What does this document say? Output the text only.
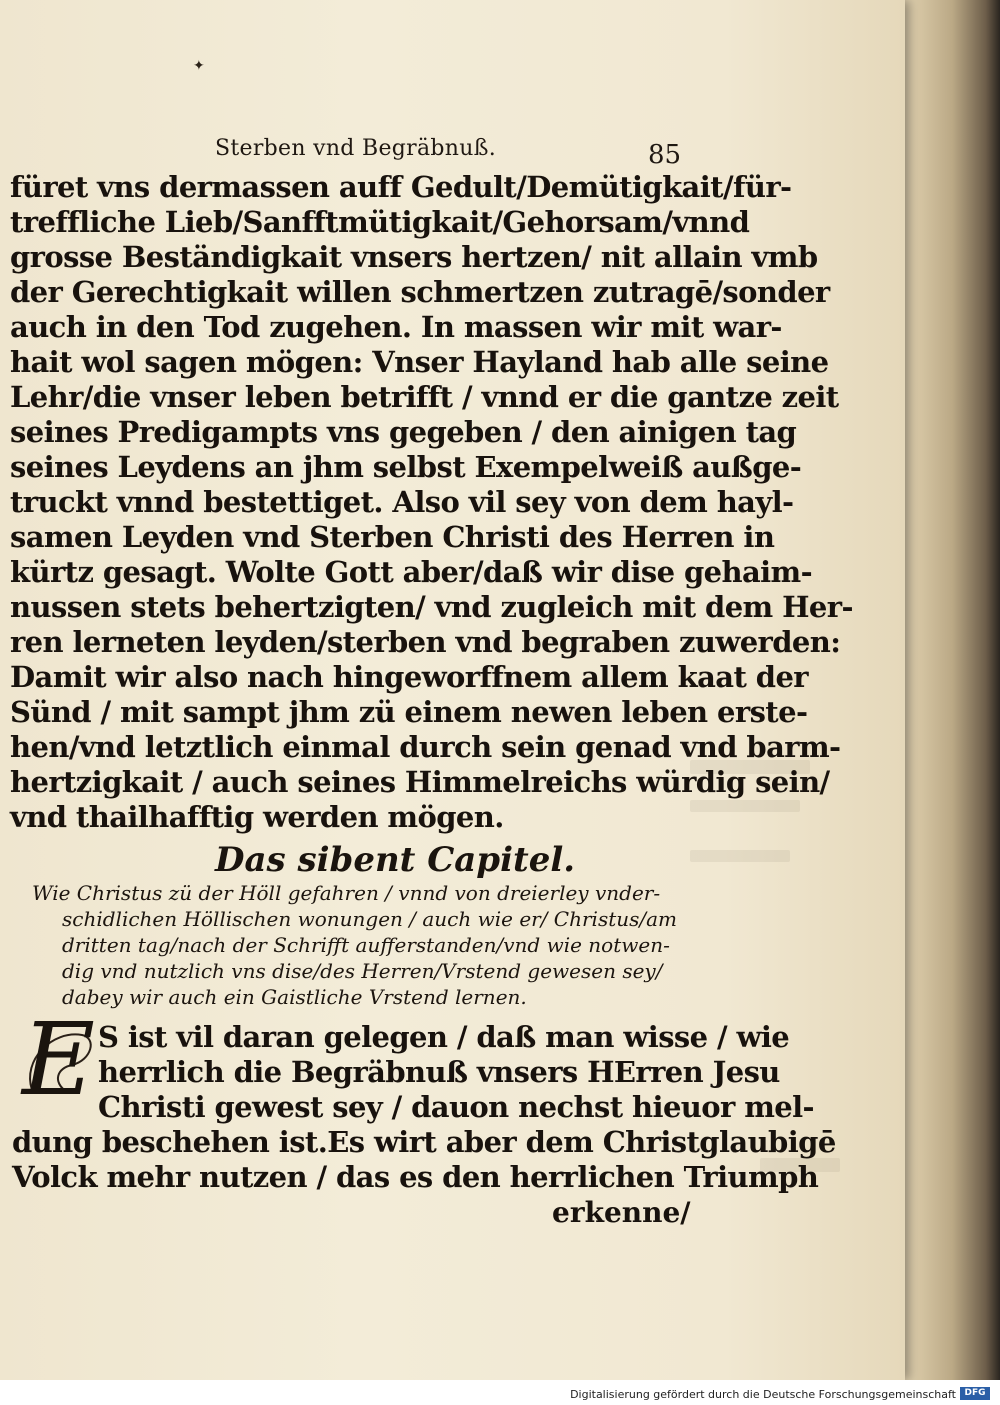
✦
Sterben vnd Begräbnuß.	85
füret vns dermassen auff Gedult/Demütigkait/für-
treffliche Lieb/Sanfftmütigkait/Gehorsam/vnnd
grosse Beständigkait vnsers hertzen/ nit allain vmb
der Gerechtigkait willen schmertzen zutragē/sonder
auch in den Tod zugehen. In massen wir mit war-
hait wol sagen mögen: Vnser Hayland hab alle seine
Lehr/die vnser leben betrifft / vnnd er die gantze zeit
seines Predigampts vns gegeben / den ainigen tag
seines Leydens an jhm selbst Exempelweiß außge-
truckt vnnd bestettiget. Also vil sey von dem hayl-
samen Leyden vnd Sterben Christi des Herren in
kürtz gesagt. Wolte Gott aber/daß wir dise gehaim-
nussen stets behertzigten/ vnd zugleich mit dem Her-
ren lerneten leyden/sterben vnd begraben zuwerden:
Damit wir also nach hingeworffnem allem kaat der
Sünd / mit sampt jhm zü einem newen leben erste-
hen/vnd letztlich einmal durch sein genad vnd barm-
hertzigkait / auch seines Himmelreichs würdig sein/
vnd thailhafftig werden mögen.
Das sibent Capitel.
Wie Christus zü der Höll gefahren / vnnd von dreierley vnder-
schidlichen Höllischen wonungen / auch wie er/ Christus/am
dritten tag/nach der Schrifft aufferstanden/vnd wie notwen-
dig vnd nutzlich vns dise/des Herren/Vrstend gewesen sey/
dabey wir auch ein Gaistliche Vrstend lernen.
E S ist vil daran gelegen / daß man wisse / wie
herrlich die Begräbnuß vnsers HErren Jesu
Christi gewest sey / dauon nechst hieuor mel-
dung beschehen ist.Es wirt aber dem Christglaubigē
Volck mehr nutzen / das es den herrlichen Triumph
erkenne/
Digitalisierung gefördert durch die Deutsche Forschungsgemeinschaft DFG
